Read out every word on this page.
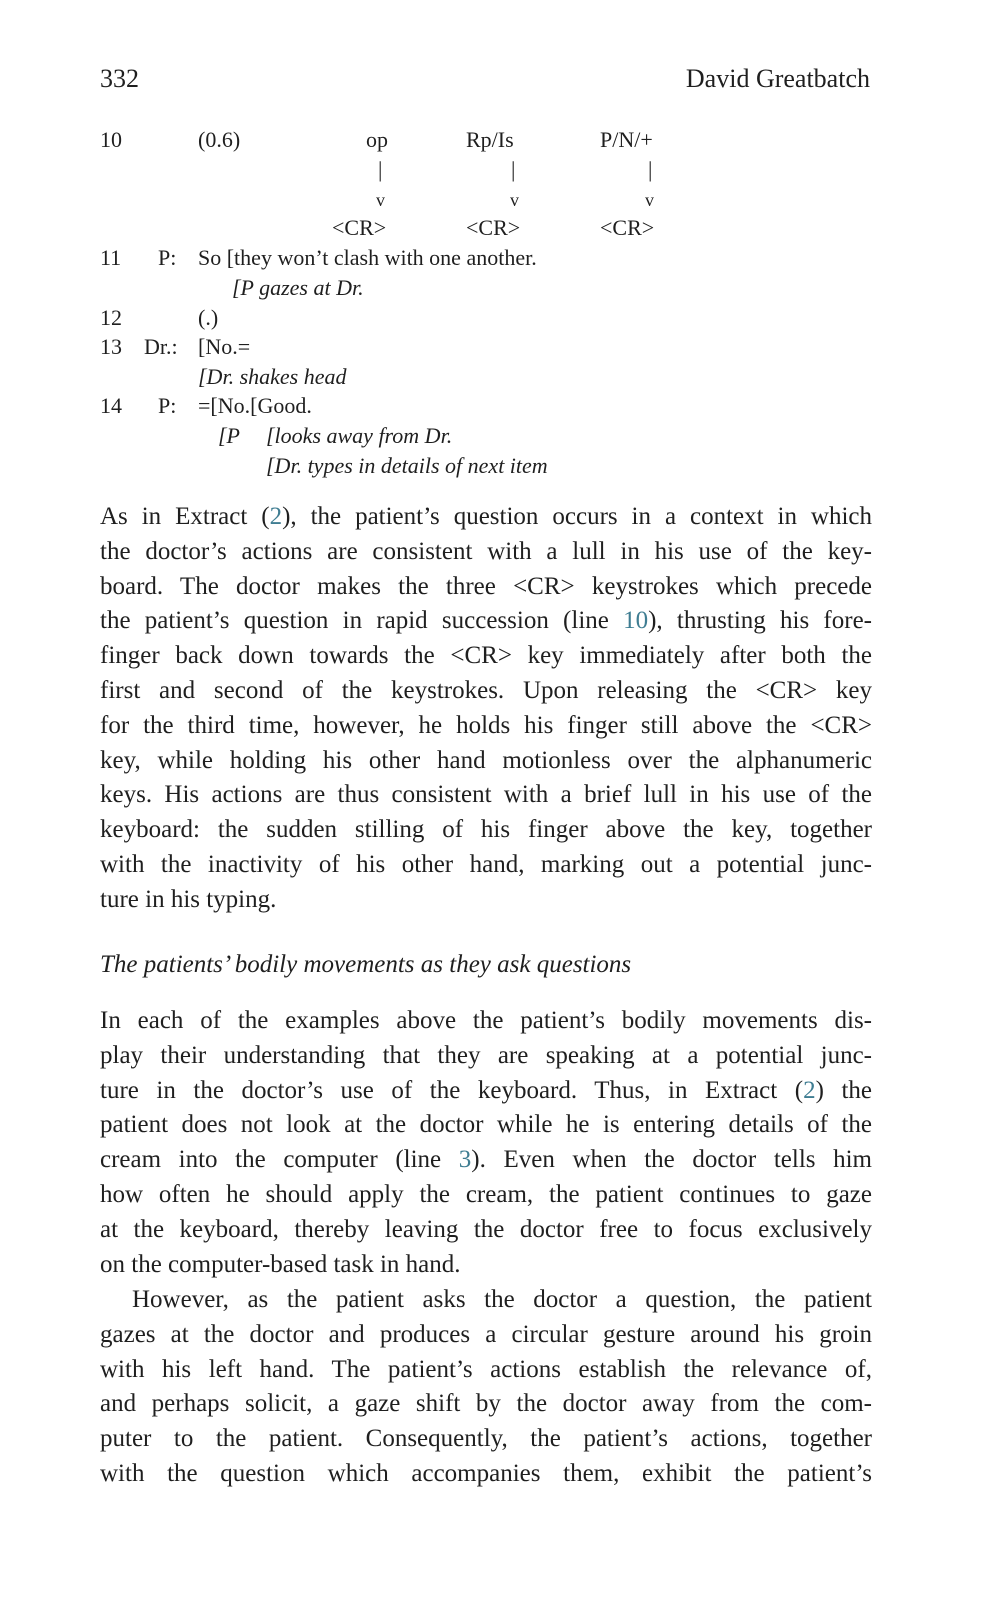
332	David Greatbatch
10	(0.6)	op	Rp/Is	P/N/+
|	|	|
v	v	v
<CR>	<CR>	<CR>
11 P: So [they won’t clash with one another.
[P gazes at Dr.
12	(.)
13 Dr.: [No.=
[Dr. shakes head
14 P: =[No.[Good.
[P [looks away from Dr.
[Dr. types in details of next item
As in Extract (2), the patient’s question occurs in a context in which
the doctor’s actions are consistent with a lull in his use of the key-
board. The doctor makes the three <CR> keystrokes which precede
the patient’s question in rapid succession (line 10), thrusting his fore-
finger back down towards the <CR> key immediately after both the
first and second of the keystrokes. Upon releasing the <CR> key
for the third time, however, he holds his finger still above the <CR>
key, while holding his other hand motionless over the alphanumeric
keys. His actions are thus consistent with a brief lull in his use of the
keyboard: the sudden stilling of his finger above the key, together
with the inactivity of his other hand, marking out a potential junc-
ture in his typing.
The patients’ bodily movements as they ask questions
In each of the examples above the patient’s bodily movements dis-
play their understanding that they are speaking at a potential junc-
ture in the doctor’s use of the keyboard. Thus, in Extract (2) the
patient does not look at the doctor while he is entering details of the
cream into the computer (line 3). Even when the doctor tells him
how often he should apply the cream, the patient continues to gaze
at the keyboard, thereby leaving the doctor free to focus exclusively
on the computer-based task in hand.
However, as the patient asks the doctor a question, the patient
gazes at the doctor and produces a circular gesture around his groin
with his left hand. The patient’s actions establish the relevance of,
and perhaps solicit, a gaze shift by the doctor away from the com-
puter to the patient. Consequently, the patient’s actions, together
with the question which accompanies them, exhibit the patient’s
